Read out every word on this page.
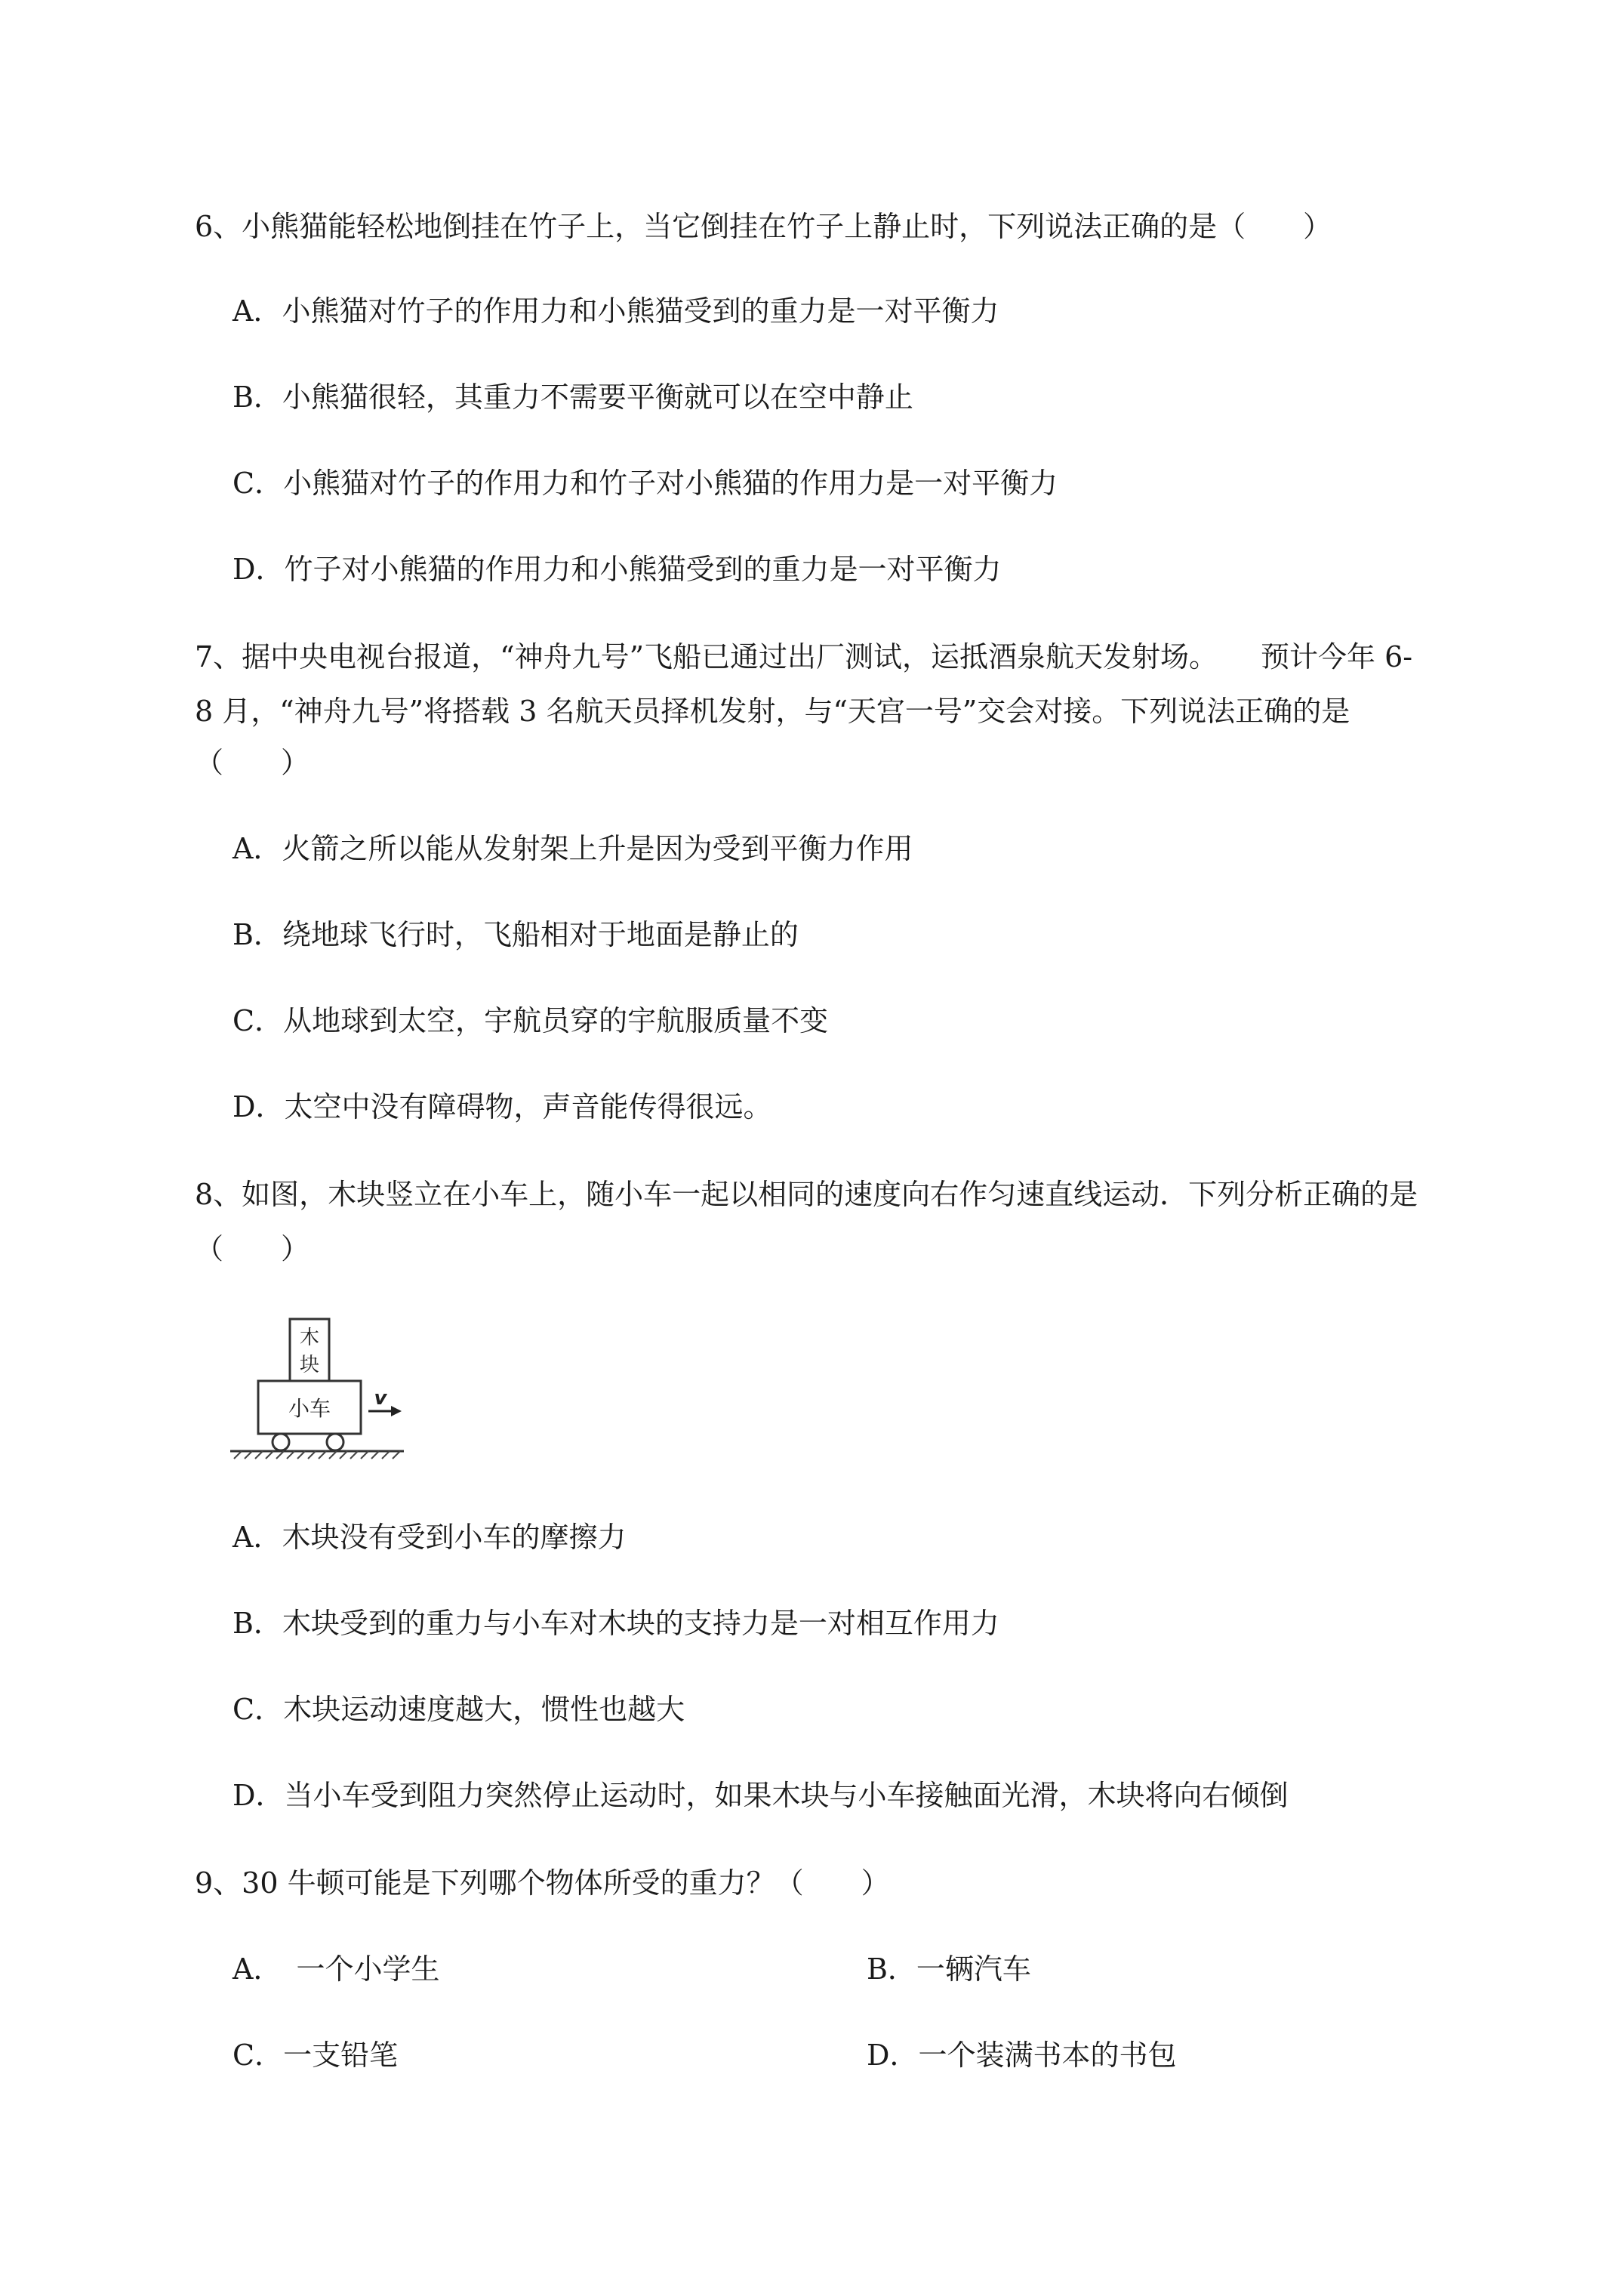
6、小熊猫能轻松地倒挂在竹子上，当它倒挂在竹子上静止时，下列说法正确的是（　　）
A．小熊猫对竹子的作用力和小熊猫受到的重力是一对平衡力
B．小熊猫很轻，其重力不需要平衡就可以在空中静止
C．小熊猫对竹子的作用力和竹子对小熊猫的作用力是一对平衡力
D．竹子对小熊猫的作用力和小熊猫受到的重力是一对平衡力
7、据中央电视台报道，“神舟九号”飞船已通过出厂测试，运抵酒泉航天发射场。　　预计今年 6-
8 月，“神舟九号”将搭载 3 名航天员择机发射，与“天宫一号”交会对接。下列说法正确的是
（　　）
A．火箭之所以能从发射架上升是因为受到平衡力作用
B．绕地球飞行时，飞船相对于地面是静止的
C．从地球到太空，宇航员穿的宇航服质量不变
D．太空中没有障碍物，声音能传得很远。
8、如图，木块竖立在小车上，随小车一起以相同的速度向右作匀速直线运动．下列分析正确的是
（　　）
木
块
小车 v
A．木块没有受到小车的摩擦力
B．木块受到的重力与小车对木块的支持力是一对相互作用力
C．木块运动速度越大，惯性也越大
D．当小车受到阻力突然停止运动时，如果木块与小车接触面光滑，木块将向右倾倒
9、30 牛顿可能是下列哪个物体所受的重力？（　　）
A．　一个小学生	B．一辆汽车
C．一支铅笔	D．一个装满书本的书包
